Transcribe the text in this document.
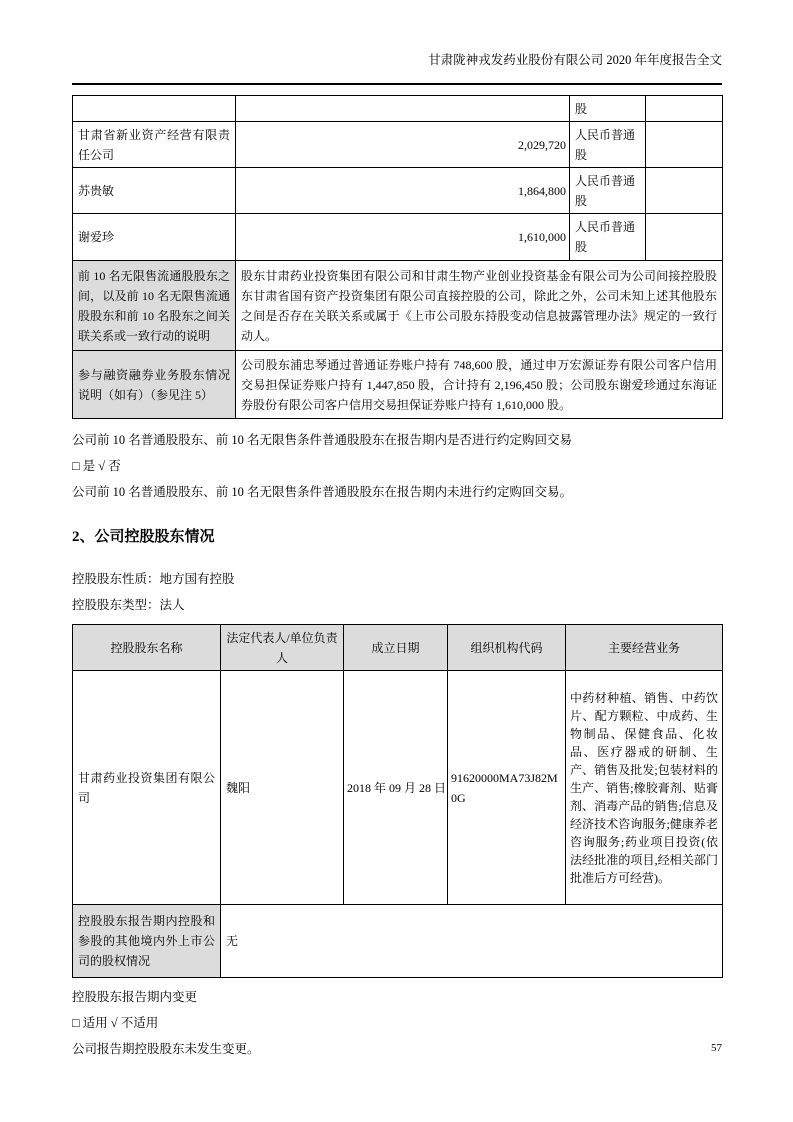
甘肃陇神戎发药业股份有限公司 2020 年年度报告全文
		股	
甘肃省新业资产经营有限责任公司	2,029,720	人民币普通股	
苏贵敏	1,864,800	人民币普通股	
谢爱珍	1,610,000	人民币普通股	
前 10 名无限售流通股股东之间，以及前 10 名无限售流通股股东和前 10 名股东之间关联关系或一致行动的说明	股东甘肃药业投资集团有限公司和甘肃生物产业创业投资基金有限公司为公司间接控股股东甘肃省国有资产投资集团有限公司直接控股的公司，除此之外，公司未知上述其他股东之间是否存在关联关系或属于《上市公司股东持股变动信息披露管理办法》规定的一致行动人。		
参与融资融券业务股东情况说明（如有）（参见注 5）	公司股东浦忠琴通过普通证券账户持有 748,600 股，通过申万宏源证券有限公司客户信用交易担保证券账户持有 1,447,850 股，合计持有 2,196,450 股；公司股东谢爱珍通过东海证券股份有限公司客户信用交易担保证券账户持有 1,610,000 股。		
公司前 10 名普通股股东、前 10 名无限售条件普通股股东在报告期内是否进行约定购回交易
□ 是 √ 否
公司前 10 名普通股股东、前 10 名无限售条件普通股股东在报告期内未进行约定购回交易。
2、公司控股股东情况
控股股东性质：地方国有控股
控股股东类型：法人
控股股东名称	法定代表人/单位负责人	成立日期	组织机构代码	主要经营业务
甘肃药业投资集团有限公司	魏阳	2018 年 09 月 28 日	91620000MA73J82M0G	中药材种植、销售、中药饮片、配方颗粒、中成药、生物制品、保健食品、化妆品、医疗器戒的研制、生产、销售及批发;包装材料的生产、销售;橡胶膏剂、贴膏剂、消毒产品的销售;信息及经济技术咨询服务;健康养老咨询服务;药业项目投资(依法经批准的项目,经相关部门批准后方可经营)。
控股股东报告期内控股和参股的其他境内外上市公司的股权情况	无			
控股股东报告期内变更
□ 适用 √ 不适用
公司报告期控股股东未发生变更。	57
